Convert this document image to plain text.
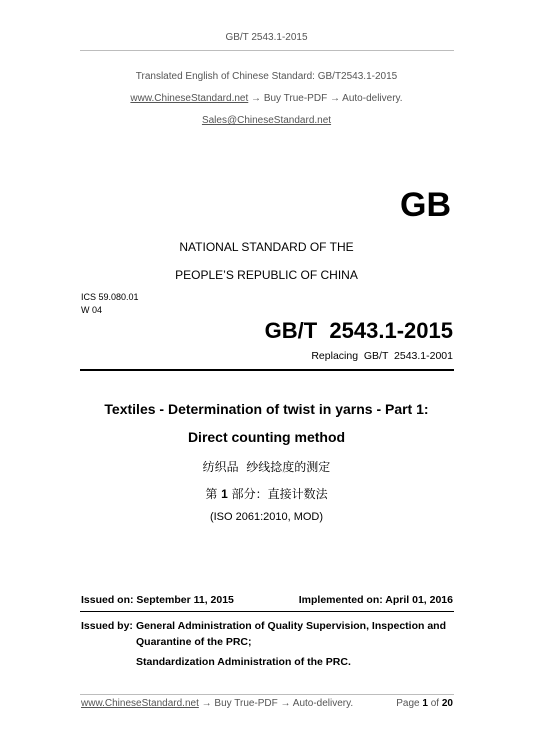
GB/T 2543.1-2015
Translated English of Chinese Standard: GB/T2543.1-2015
www.ChineseStandard.net → Buy True-PDF → Auto-delivery.
Sales@ChineseStandard.net
GB
NATIONAL STANDARD OF THE
PEOPLE’S REPUBLIC OF CHINA
ICS 59.080.01
W 04
GB/T  2543.1-2015
Replacing  GB/T  2543.1-2001
Textiles - Determination of twist in yarns - Part 1:
Direct counting method
纺织品  纱线捻度的测定
第 1 部分：直接计数法
(ISO 2061:2010, MOD)
Issued on: September 11, 2015	Implemented on: April 01, 2016
Issued by: General Administration of Quality Supervision, Inspection and
Quarantine of the PRC;
Standardization Administration of the PRC.
www.ChineseStandard.net → Buy True-PDF → Auto-delivery.	Page 1 of 20
